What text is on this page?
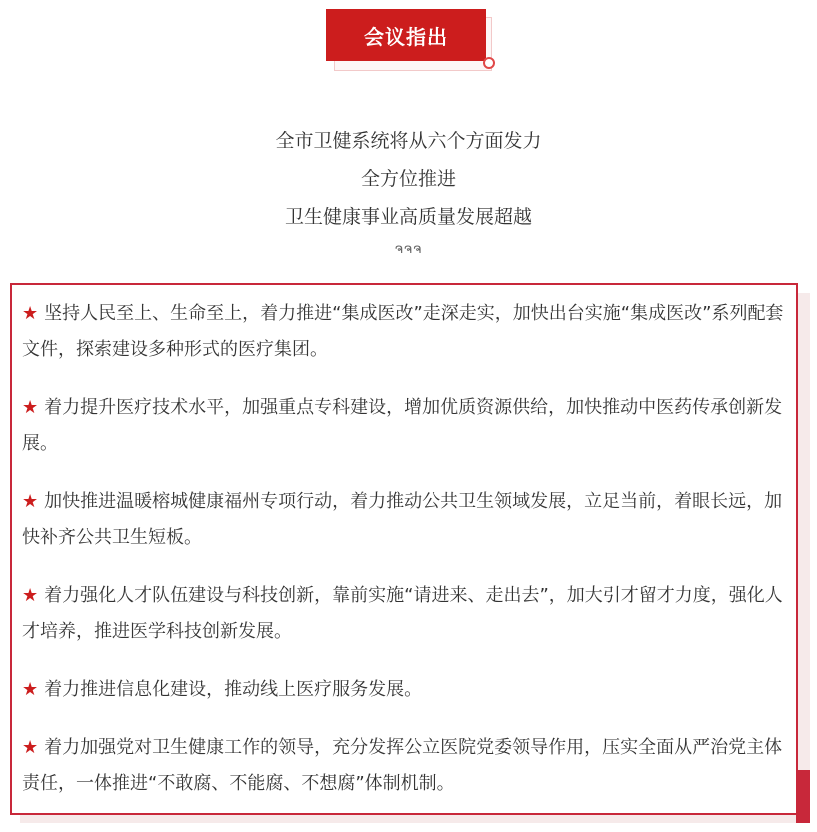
会议指出
全市卫健系统将从六个方面发力
全方位推进
卫生健康事业高质量发展超越
ຈຈຈ

★ 坚持人民至上、生命至上，着力推进“集成医改”走深走实，加快出台实施“集成医改”系列配套文件，探索建设多种形式的医疗集团。

★ 着力提升医疗技术水平，加强重点专科建设，增加优质资源供给，加快推动中医药传承创新发展。

★ 加快推进温暖榕城健康福州专项行动，着力推动公共卫生领域发展，立足当前，着眼长远，加快补齐公共卫生短板。

★ 着力强化人才队伍建设与科技创新，靠前实施“请进来、走出去”，加大引才留才力度，强化人才培养，推进医学科技创新发展。

★ 着力推进信息化建设，推动线上医疗服务发展。

★ 着力加强党对卫生健康工作的领导，充分发挥公立医院党委领导作用，压实全面从严治党主体责任，一体推进“不敢腐、不能腐、不想腐”体制机制。
